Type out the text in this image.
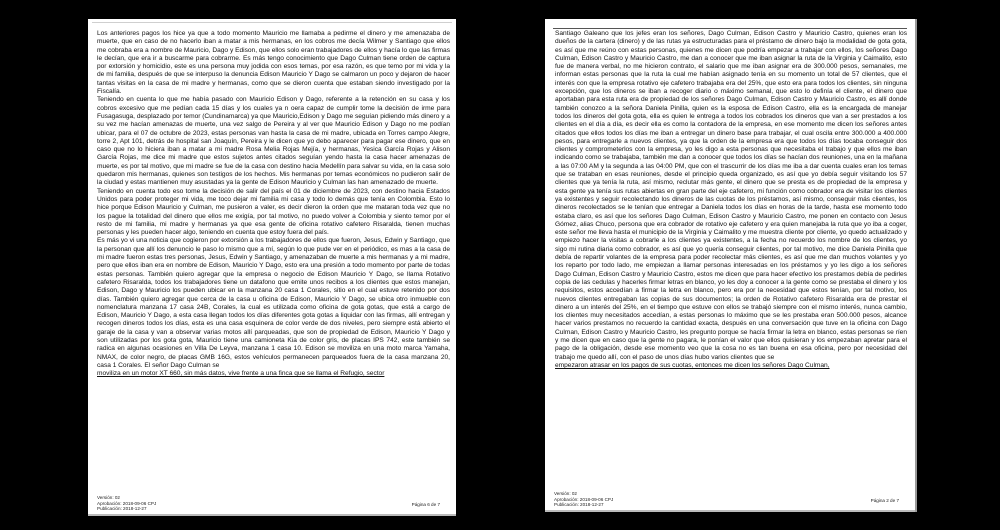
Los anteriores pagos los hice ya que a todo momento Mauricio me llamaba a pedirme el dinero y me amenazaba de muerte, que en caso de no hacerlo iban a matar a mis hermanas, en los cobros me decía Wilmer y Santiago que ellos me cobraba era a nombre de Mauricio, Dago y Edison, que ellos solo eran trabajadores de ellos y hacía lo que las firmas le decían, que era ir a buscarme para cobrarme. Es más tengo conocimiento que Dago Culman tiene orden de captura por extorsión y homicidio, este es una persona muy jodida con esos temas, por esa razón, es que temo por mi vida y la de mi familia, después de que se interpuso la denuncia Edison Mauricio Y Dago se calmaron un poco y dejaron de hacer tantas visitas en la casa de mi madre y hermanas, como que se dieron cuenta que estaban siendo investigado por la Fiscalía.

Teniendo en cuenta lo que me había pasado con Mauricio Edison y Dago, referente a la retención en su casa y los cobros excesivo que me pedían cada 15 días y los cuales ya n oera capaz de cumplir tome la decisión de irme para Fusagasuga, desplazado por temor (Cundinamarca) ya que Mauricio,Edison y Dago me seguían pidiendo más dinero y a su vez me hacían amenazas de muerte, una vez salgo de Pereira y al ver que Mauricio Edison y Dago no me podían ubicar, para el 07 de octubre de 2023, estas personas van hasta la casa de mi madre, ubicada en Torres campo Alegre, torre 2, Apt 101, detrás de hospital san Joaquín, Pereira y le dicen que yo debo aparecer para pagar ese dinero, que en caso que no lo hiciera iban a matar a mi madre Rosa Melia Rojas Mejía, y hermanas, Yesica García Rojas y Alison García Rojas, me dice mi madre que estos sujetos antes citados seguían yendo hasta la casa hacer amenazas de muerte, es por tal motivo, que mi madre se fue de la casa con destino hacia Medellín para salvar su vida, en la casa solo quedaron mis hermanas, quienes son testigos de los hechos. Mis hermanas por temas económicos no pudieron salir de la ciudad y estas mantienen muy asustadas ya la gente de Edison Mauricio y Culman las han amenazado de muerte.

Teniendo en cuenta todo eso tome la decisión de salir del país el 01 de diciembre de 2023, con destino hacia Estados Unidos para poder proteger mi vida, me toco dejar mi familia mi casa y todo lo demás que tenía en Colombia. Esto lo hice porque Edison Mauricio y Culman, me pusieron a valer, es decir dieron la orden que me mataran toda vez que no los pague la totalidad del dinero que ellos me exigía, por tal motivo, no puedo volver a Colombia y siento temor por el resto de mi familia, mi madre y hermanas ya que esa gente de oficina rotativo cafetero Risaralda, tienen muchas personas y les pueden hacer algo, teniendo en cuenta que estoy fuera del país.

Es más yo vi una noticia que cogieron por extorsión a los trabajadores de ellos que fueron, Jesus, Edwin y Santiago, que la personan que allí los denuncio le paso lo mismo que a mí, según lo que pude ver en el periódico, es mas a la casa de mi madre fueron estas tres personas, Jesus, Edwin y Santiago, y amenazaban de muerte a mis hermanas y a mi madre, pero que ellos iban era en nombre de Edison, Mauricio Y Dago, esto era una presión a todo momento por parte de todas estas personas. También quiero agregar que la empresa o negocio de Edison Mauricio Y Dago, se llama Rotativo cafetero Risaralda, todos los trabajadores tiene un datafono que emite unos recibos a los clientes que estos manejan, Edison, Dago y Mauricio los pueden ubicar en la manzana 20 casa 1 Corales, sitio en el cual estuve retenido por dos días. También quiero agregar que cerca de la casa u oficina de Edison, Mauricio Y Dago, se ubica otro inmueble con nomenclatura manzana 17 casa 24B, Corales, la cual es utilizada como oficina de gota gotas, que está a cargo de Edison, Mauricio Y Dago, a esta casa llegan todos los días diferentes gota gotas a liquidar con las firmas, allí entregan y recogen dineros todos los días, esta es una casa esquinera de color verde de dos niveles, pero siempre está abierto el garaje de la casa y van a observar varias motos allí parqueadas, que son de propiedad de Edison, Mauricio Y Dago y son utilizadas por los gota gota, Mauricio tiene una camioneta Kia de color gris, de placas IPS 742, este también se radica en algunas ocasiones en Villa De Leyva, manzana 1 casa 10. Edison se moviliza en una moto marca Yamaha, NMAX, de color negro, de placas GMB 16G, estos vehículos permanecen parqueados fuera de la casa manzana 20, casa 1 Corales. El señor Dago Culman se

moviliza en un motor XT 660, sin más datos, vive frente a una finca que se llama el Refugio, sector

Versión: 02
Aprobación: 2018-09-06 CPJ
Publicación: 2018-12-27
Página 6 de 7

Santiago Galeano que los jefes eran los señores, Dago Culman, Edison Castro y Mauricio Castro, quienes eran los dueños de la cartera (dinero) y de las rutas ya estructuradas para el préstamo de dinero bajo la modalidad de gota gota, es así que me reúno con estas personas, quienes me dicen que podría empezar a trabajar con ellos, los señores Dago Culman, Edison Castro y Mauricio Castro, me dan a conocer que me iban asignar la ruta de la Virginia y Caimalito, esto fue de manera verbal, no me hicieron contrato, el salario que me iban asignar era de 300.000 pesos, semanales, me informan estas personas que la ruta la cual me habían asignado tenía en su momento un total de 57 clientes, que el interés con que la empresa rotativo eje cafetero trabajaba era del 25%, que esto era para todos los clientes, sin ninguna excepción, que los dineros se iban a recoger diario o máximo semanal, que esto lo definía el cliente, el dinero que aportaban para esta ruta era de propiedad de los señores Dago Culman, Edison Castro y Mauricio Castro, es allí donde también conozco a la señora Daniela Pinilla, quien es la esposa de Edison Castro, ella es la encargada de manejar todos los dineros del gota gota, ella es quien le entrega a todos los cobrados los dineros que van a ser prestados a los clientes en el día a día, es decir ella es como la contadora de la empresa, en ese momento me dicen los señores antes citados que ellos todos los días me iban a entregar un dinero base para trabajar, el cual oscila entre 300.000 a 400.000 pesos, para entregarle a nuevos clientes, ya que la orden de la empresa era que todos los días tocaba conseguir dos clientes y comprometerlos con la empresa, yo les digo a esta personas que necesitaba el trabajo y que ellos me iban indicando como se trabajaba, también me dan a conocer que todos los días se hacían dos reuniones, una en la mañana a las 07:00 AM y la segunda a las 04:00 PM, que con el trascurrir de los días me iba a dar cuenta cuales eran los temas que se trataban en esas reuniones, desde el principio queda organizado, es así que yo debía seguir visitando los 57 clientes que ya tenía la ruta, así mismo, reclutar más gente, el dinero que se presta es de propiedad de la empresa y esta gente ya tenía sus rutas abiertas en gran parte del eje cafetero, mi función como cobrador era de visitar los clientes ya existentes y seguir recolectando los dineros de las cuotas de los préstamos, así mismo, conseguir más clientes, los dineros recolectados se le tenían que entregar a Daniela todos los días en horas de la tarde, hasta ese momento todo estaba claro, es así que los señores Dago Culman, Edison Castro y Mauricio Castro, me ponen en contacto con Jesus Gómez, alias Chuco, persona que era cobrador de rotativo eje cafetero y era quien manejaba la ruta que yo iba a coger, este señor me lleva hasta el municipio de la Virginia y Caimalito y me muestra cliente por cliente, yo quedo actualizado y empiezo hacer la visitas a cobrarle a los clientes ya existentes, a la fecha no recuerdo los nombre de los clientes, yo sigo mi rutina diaria como cobrador, es así que yo quería conseguir clientes, por tal motivo, me dice Daniela Pinilla que debía de repartir volantes de la empresa para poder recolectar más clientes, es así que me dan muchos volantes y yo los reparto por todo lado, me empiezan a llamar personas interesadas en los préstamos y yo les digo a los señores Dago Culman, Edison Castro y Mauricio Castro, estos me dicen que para hacer efectivo los prestamos debía de pedirles copia de las cedulas y hacerles firmar letras en blanco, yo les doy a conocer a la gente como se prestaba el dinero y los requisitos, estos accedían a firmar la letra en blanco, pero era por la necesidad que estos tenían, por tal motivo, los nuevos clientes entregaban las copias de sus documentos; la orden de Rotativo cafetero Risaralda era de prestar el dinero a un interés del 25%, en el tiempo que estuve con ellos se trabajó siempre con el mismo interés, nunca cambio, los clientes muy necesitados accedían, a estas personas lo máximo que se les prestaba eran 500.000 pesos, alcance hacer varios prestamos no recuerdo la cantidad exacta, después en una conversación que tuve en la oficina con Dago Culman, Edison Castro y Mauricio Castro, les pregunto porque se hacía firmar la letra en blanco, estas personas se ríen y me dicen que en caso que la gente no pagara, le ponían el valor que ellos quisieran y los empezaban apretar para el pago de la obligación, desde ese momento veo que la cosa no es tan buena en esa oficina, pero por necesidad del trabajo me quedo allí, con el paso de unos días hubo varios clientes que se

empezaron atrasar en los pagos de sus cuotas, entonces me dicen los señores Dago Culman,

Versión: 02
Aprobación: 2018-09-06 CPJ
Publicación: 2018-12-27
Página 2 de 7
